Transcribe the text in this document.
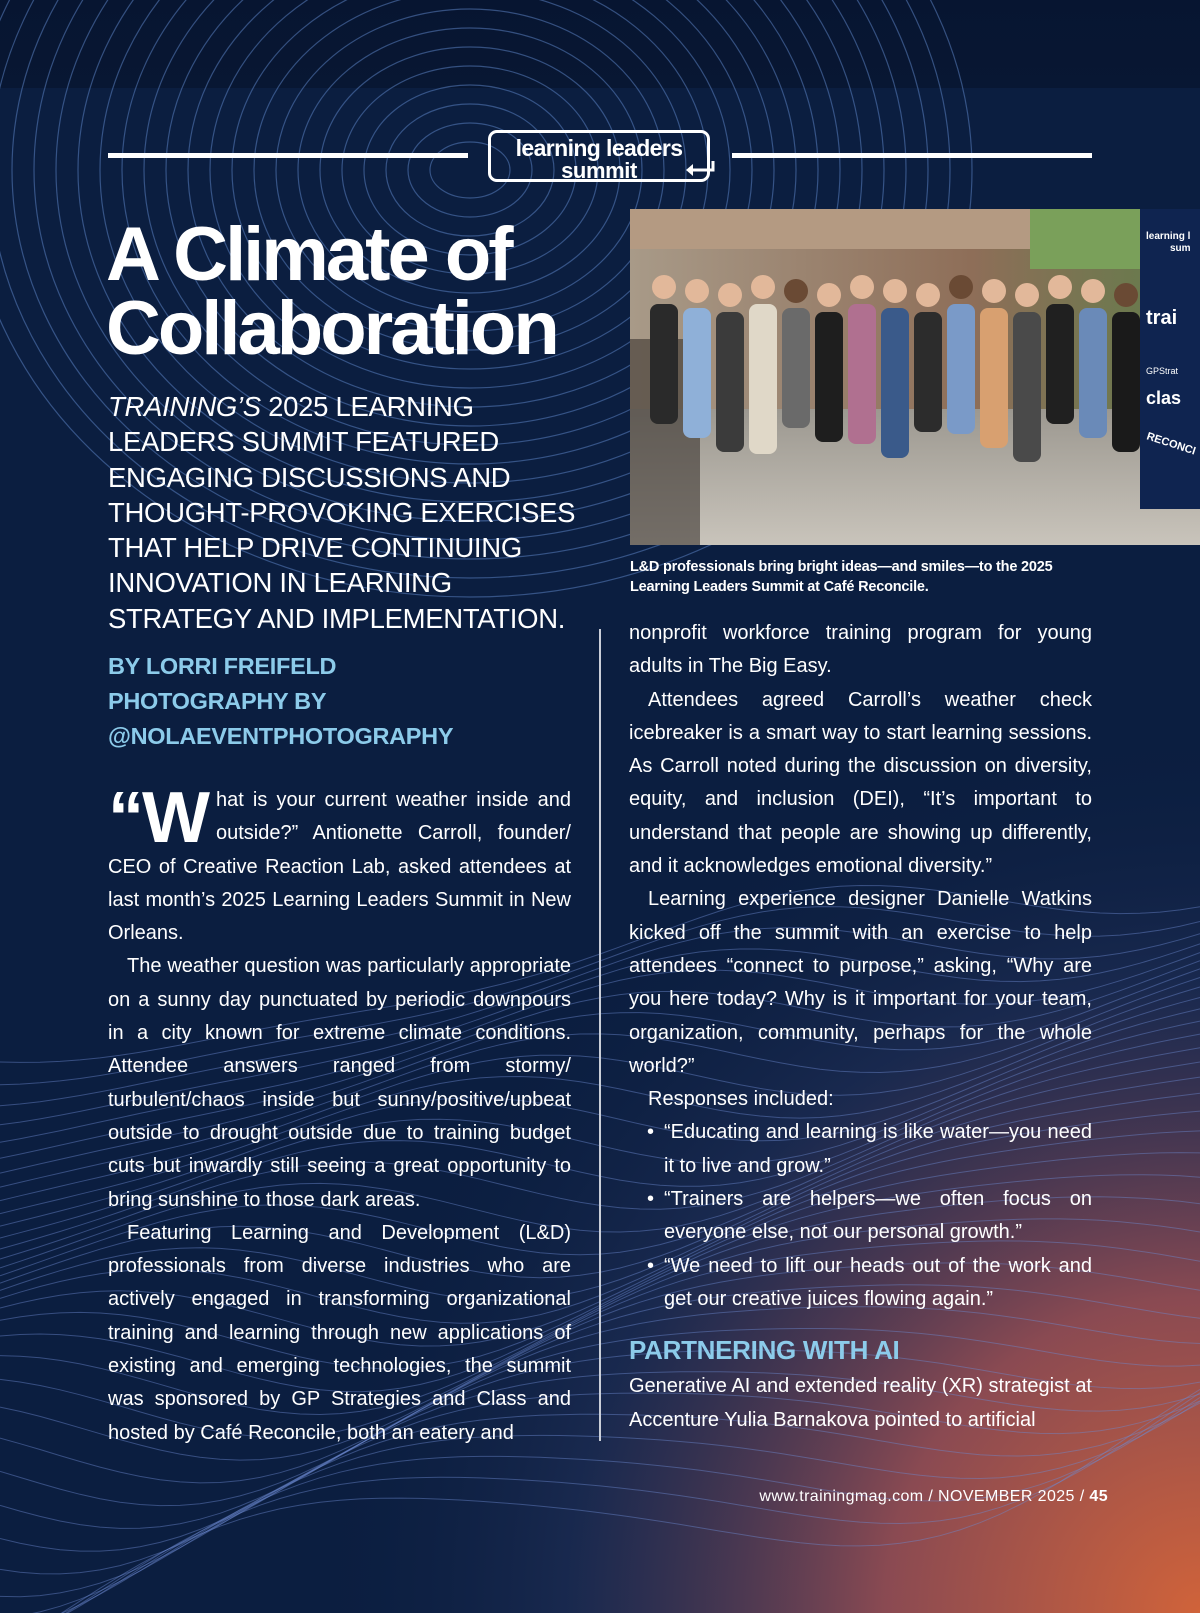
learning leaders
summit
A Climate of
Collaboration
TRAINING’S 2025 LEARNING LEADERS SUMMIT FEATURED ENGAGING DISCUSSIONS AND THOUGHT-PROVOKING EXERCISES THAT HELP DRIVE CONTINUING INNOVATION IN LEARNING STRATEGY AND IMPLEMENTATION.
BY LORRI FREIFELD
PHOTOGRAPHY BY
@NOLAEVENTPHOTOGRAPHY
learning l
sum
trai
GPStrat
clas
RECONCI
L&D professionals bring bright ideas—and smiles—to the 2025 Learning Leaders Summit at Café Reconcile.

“What is your current weather inside and outside?” Antionette Carroll, founder/ CEO of Creative Reaction Lab, asked attendees at last month’s 2025 Learning Leaders Summit in New Orleans.

The weather question was particularly appropriate on a sunny day punctuated by periodic downpours in a city known for extreme climate conditions. Attendee answers ranged from stormy/ turbulent/chaos inside but sunny/positive/upbeat outside to drought outside due to training budget cuts but inwardly still seeing a great opportunity to bring sunshine to those dark areas.

Featuring Learning and Development (L&D) professionals from diverse industries who are actively engaged in transforming organizational training and learning through new applications of existing and emerging technologies, the summit was sponsored by GP Strategies and Class and hosted by Café Reconcile, both an eatery and

nonprofit workforce training program for young adults in The Big Easy.

Attendees agreed Carroll’s weather check icebreaker is a smart way to start learning sessions. As Carroll noted during the discussion on diversity, equity, and inclusion (DEI), “It’s important to understand that people are showing up differently, and it acknowledges emotional diversity.”

Learning experience designer Danielle Watkins kicked off the summit with an exercise to help attendees “connect to purpose,” asking, “Why are you here today? Why is it important for your team, organization, community, perhaps for the whole world?”

Responses included:

• “Educating and learning is like water—you need it to live and grow.”
• “Trainers are helpers—we often focus on everyone else, not our personal growth.”
• “We need to lift our heads out of the work and get our creative juices flowing again.”
PARTNERING WITH AI

Generative AI and extended reality (XR) strategist at Accenture Yulia Barnakova pointed to artificial

www.trainingmag.com / NOVEMBER 2025 / 45
